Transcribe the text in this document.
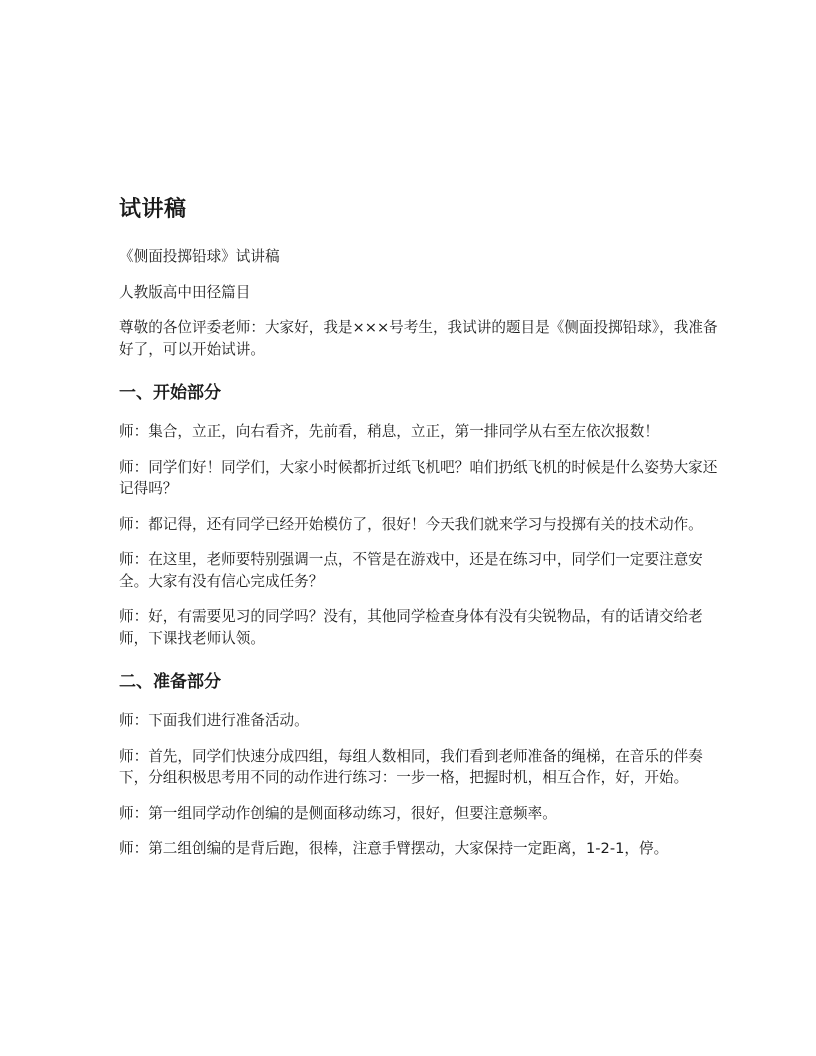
试讲稿

《侧面投掷铅球》试讲稿

人教版高中田径篇目

尊敬的各位评委老师：大家好，我是×××号考生，我试讲的题目是《侧面投掷铅球》，我准备好了，可以开始试讲。

一、开始部分

师：集合，立正，向右看齐，先前看，稍息，立正，第一排同学从右至左依次报数！

师：同学们好！同学们，大家小时候都折过纸飞机吧？咱们扔纸飞机的时候是什么姿势大家还记得吗？

师：都记得，还有同学已经开始模仿了，很好！今天我们就来学习与投掷有关的技术动作。

师：在这里，老师要特别强调一点，不管是在游戏中，还是在练习中，同学们一定要注意安全。大家有没有信心完成任务？

师：好，有需要见习的同学吗？没有，其他同学检查身体有没有尖锐物品，有的话请交给老师，下课找老师认领。

二、准备部分

师：下面我们进行准备活动。

师：首先，同学们快速分成四组，每组人数相同，我们看到老师准备的绳梯，在音乐的伴奏下，分组积极思考用不同的动作进行练习：一步一格，把握时机，相互合作，好，开始。

师：第一组同学动作创编的是侧面移动练习，很好，但要注意频率。

师：第二组创编的是背后跑，很棒，注意手臂摆动，大家保持一定距离，1-2-1，停。
